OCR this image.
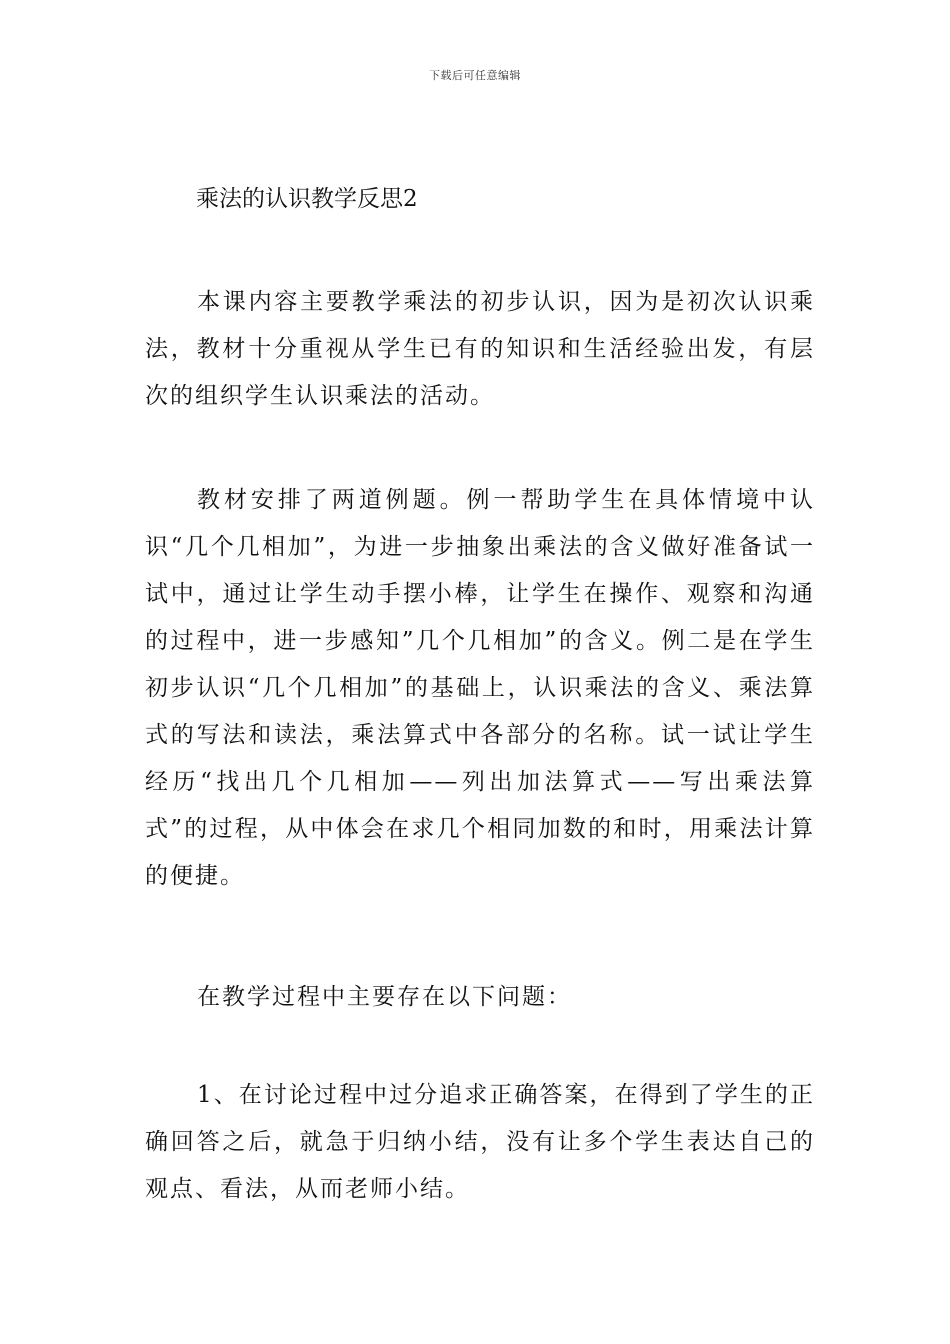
下载后可任意编辑
乘法的认识教学反思2

本课内容主要教学乘法的初步认识，因为是初次认识乘法，教材十分重视从学生已有的知识和生活经验出发，有层次的组织学生认识乘法的活动。

教材安排了两道例题。例一帮助学生在具体情境中认识“几个几相加”，为进一步抽象出乘法的含义做好准备试一试中，通过让学生动手摆小棒，让学生在操作、观察和沟通的过程中，进一步感知”几个几相加”的含义。例二是在学生初步认识“几个几相加”的基础上，认识乘法的含义、乘法算式的写法和读法，乘法算式中各部分的名称。试一试让学生经历“找出几个几相加——列出加法算式——写出乘法算式”的过程，从中体会在求几个相同加数的和时，用乘法计算的便捷。

在教学过程中主要存在以下问题：

1、在讨论过程中过分追求正确答案，在得到了学生的正确回答之后，就急于归纳小结，没有让多个学生表达自己的观点、看法，从而老师小结。
